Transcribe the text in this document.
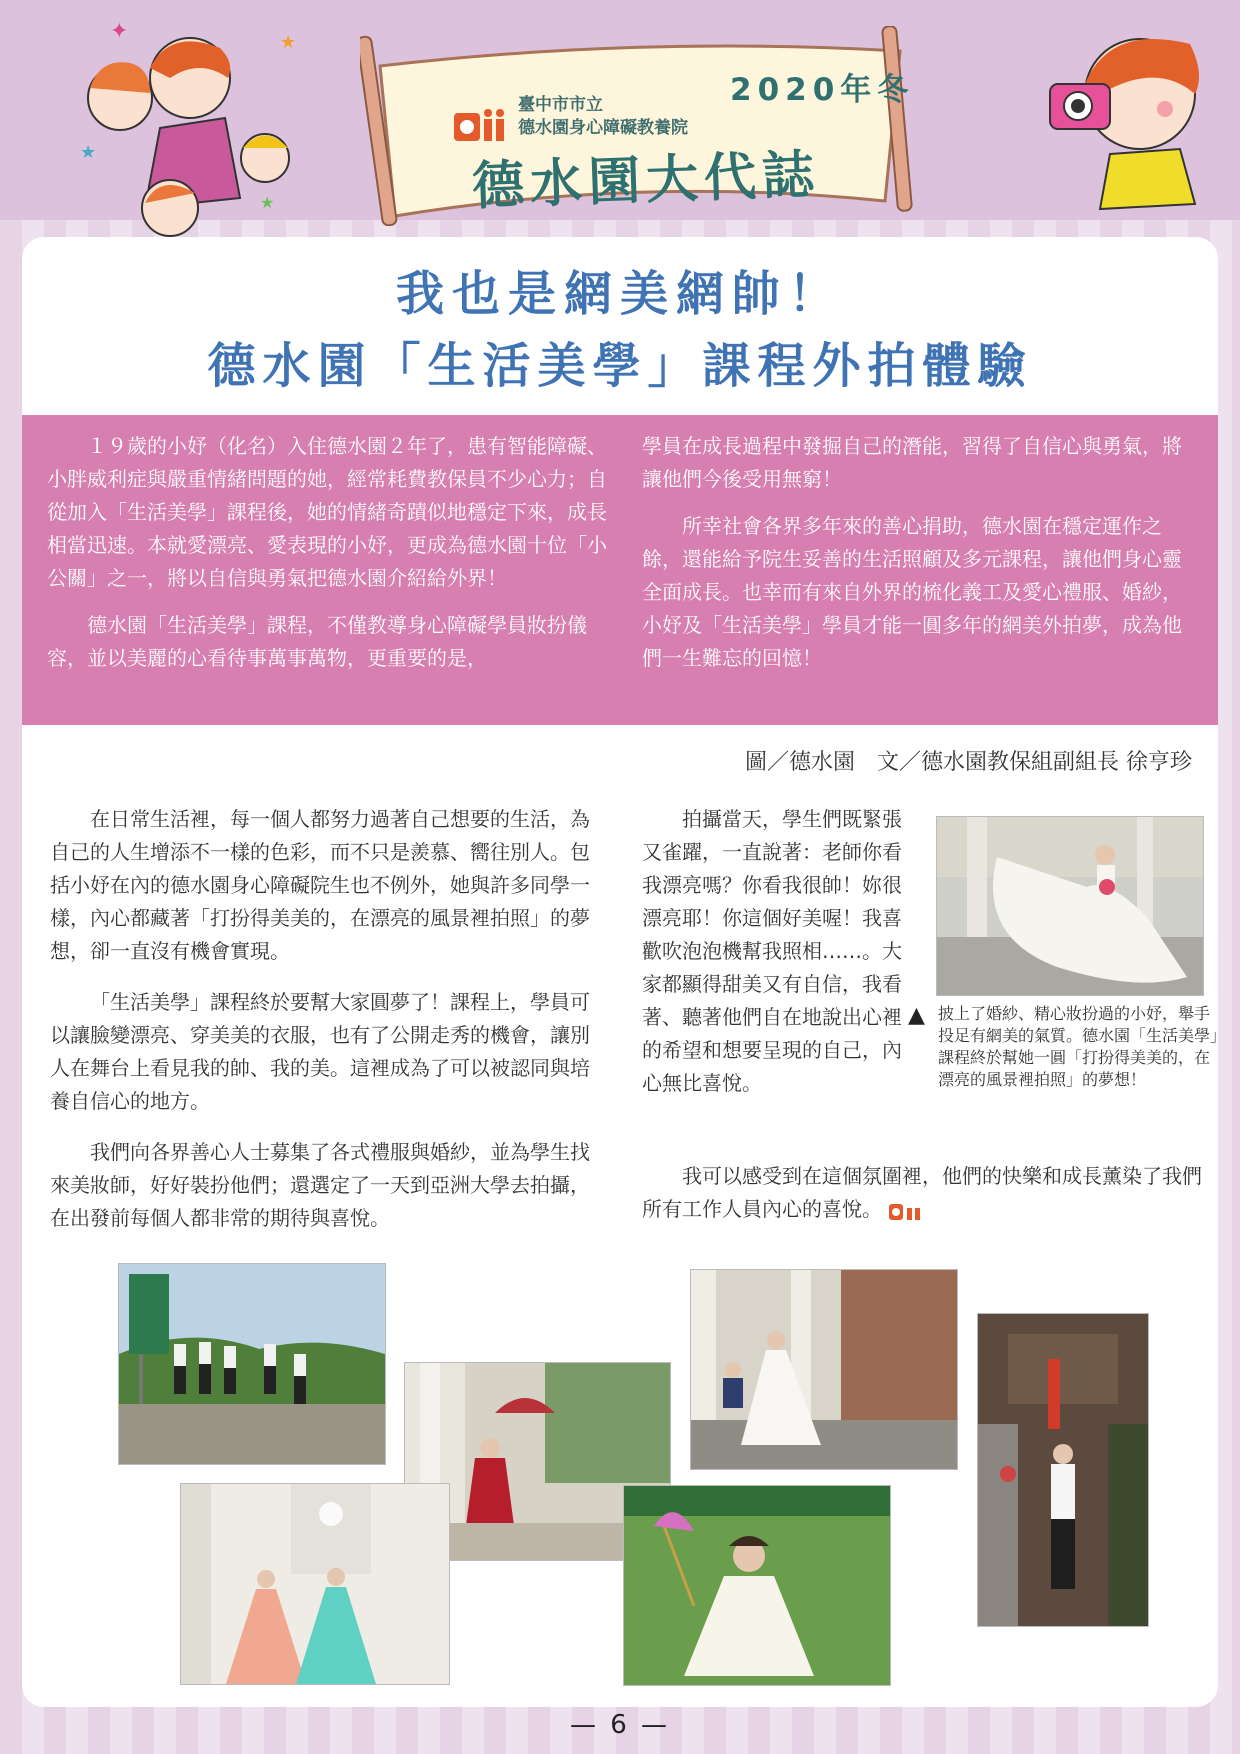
✦	★
★
★
2020年冬
臺中市市立
德水園身心障礙教養院
德水園大代誌
我也是網美網帥！
德水園「生活美學」課程外拍體驗

１９歲的小妤（化名）入住德水園２年了，患有智能障礙、小胖威利症與嚴重情緒問題的她，經常耗費教保員不少心力；自從加入「生活美學」課程後，她的情緒奇蹟似地穩定下來，成長相當迅速。本就愛漂亮、愛表現的小妤，更成為德水園十位「小公關」之一，將以自信與勇氣把德水園介紹給外界！

德水園「生活美學」課程，不僅教導身心障礙學員妝扮儀容，並以美麗的心看待事萬事萬物，更重要的是，

學員在成長過程中發掘自己的潛能，習得了自信心與勇氣，將讓他們今後受用無窮！

所幸社會各界多年來的善心捐助，德水園在穩定運作之餘，還能給予院生妥善的生活照顧及多元課程，讓他們身心靈全面成長。也幸而有來自外界的梳化義工及愛心禮服、婚紗，小妤及「生活美學」學員才能一圓多年的網美外拍夢，成為他們一生難忘的回憶！

圖／德水園　文／德水園教保組副組長 徐亨珍

在日常生活裡，每一個人都努力過著自己想要的生活，為自己的人生增添不一樣的色彩，而不只是羨慕、嚮往別人。包括小妤在內的德水園身心障礙院生也不例外，她與許多同學一樣，內心都藏著「打扮得美美的，在漂亮的風景裡拍照」的夢想，卻一直沒有機會實現。

「生活美學」課程終於要幫大家圓夢了！課程上，學員可以讓臉變漂亮、穿美美的衣服，也有了公開走秀的機會，讓別人在舞台上看見我的帥、我的美。這裡成為了可以被認同與培養自信心的地方。

我們向各界善心人士募集了各式禮服與婚紗，並為學生找來美妝師，好好裝扮他們；還選定了一天到亞洲大學去拍攝，在出發前每個人都非常的期待與喜悅。

拍攝當天，學生們既緊張又雀躍，一直說著：老師你看我漂亮嗎？你看我很帥！妳很漂亮耶！你這個好美喔！我喜歡吹泡泡機幫我照相……。大家都顯得甜美又有自信，我看著、聽著他們自在地說出心裡的希望和想要呈現的自己，內心無比喜悅。

我可以感受到在這個氛圍裡，他們的快樂和成長薰染了我們所有工作人員內心的喜悅。

▲ 披上了婚紗、精心妝扮過的小妤，舉手投足有網美的氣質。德水園「生活美學」課程終於幫她一圓「打扮得美美的，在漂亮的風景裡拍照」的夢想！
— 6 —
